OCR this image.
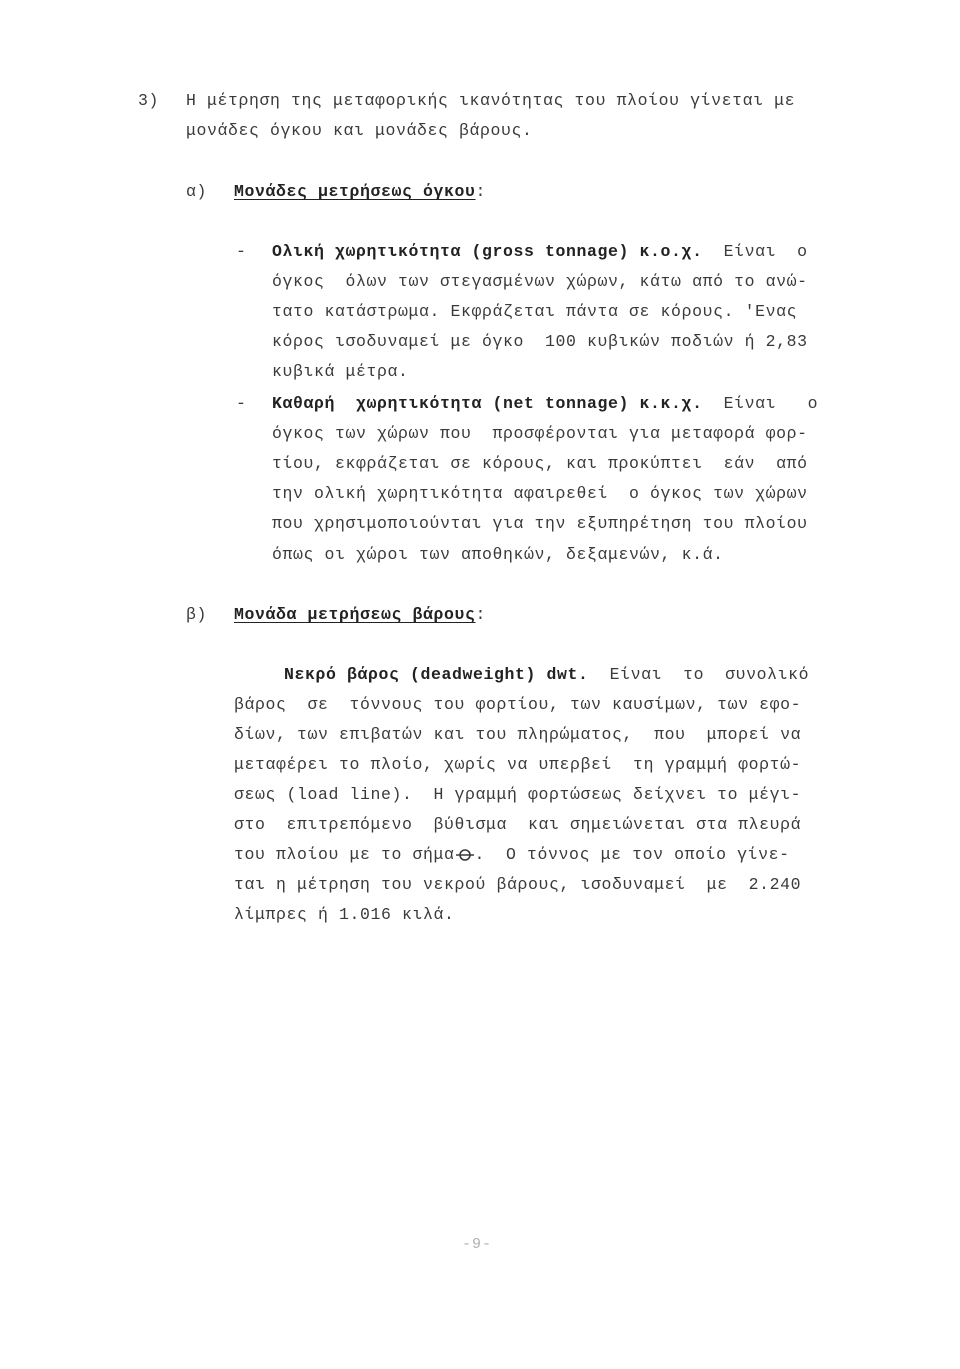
3) Η μέτρηση της μεταφορικής ικανότητας του πλοίου γίνεται με
μονάδες όγκου και μονάδες βάρους.
α) Μονάδες μετρήσεως όγκου:
- Ολική χωρητικότητα (gross tonnage) κ.ο.χ. Είναι  ο
όγκος  όλων των στεγασμένων χώρων, κάτω από το ανώ-
τατο κατάστρωμα. Εκφράζεται πάντα σε κόρους. 'Ενας
κόρος ισοδυναμεί με όγκο  100 κυβικών ποδιών ή 2,83
κυβικά μέτρα.
- Καθαρή  χωρητικότητα (net tonnage) κ.κ.χ. Είναι   ο
όγκος των χώρων που  προσφέρονται για μεταφορά φορ-
τίου, εκφράζεται σε κόρους, και προκύπτει  εάν  από
την ολική χωρητικότητα αφαιρεθεί  ο όγκος των χώρων
που χρησιμοποιούνται για την εξυπηρέτηση του πλοίου
όπως οι χώροι των αποθηκών, δεξαμενών, κ.ά.
β) Μονάδα μετρήσεως βάρους:
Νεκρό βάρος (deadweight) dwt. Είναι  το  συνολικό
βάρος  σε  τόννους του φορτίου, των καυσίμων, των εφο-
δίων, των επιβατών και του πληρώματος,  που  μπορεί να
μεταφέρει το πλοίο, χωρίς να υπερβεί  τη γραμμή φορτώ-
σεως (load line).  Η γραμμή φορτώσεως δείχνει το μέγι-
στο  επιτρεπόμενο  βύθισμα  και σημειώνεται στα πλευρά
του πλοίου με το σήμα .  Ο τόννος με τον οποίο γίνε-
ται η μέτρηση του νεκρού βάρους, ισοδυναμεί  με  2.240
λίμπρες ή 1.016 κιλά.
-9-
